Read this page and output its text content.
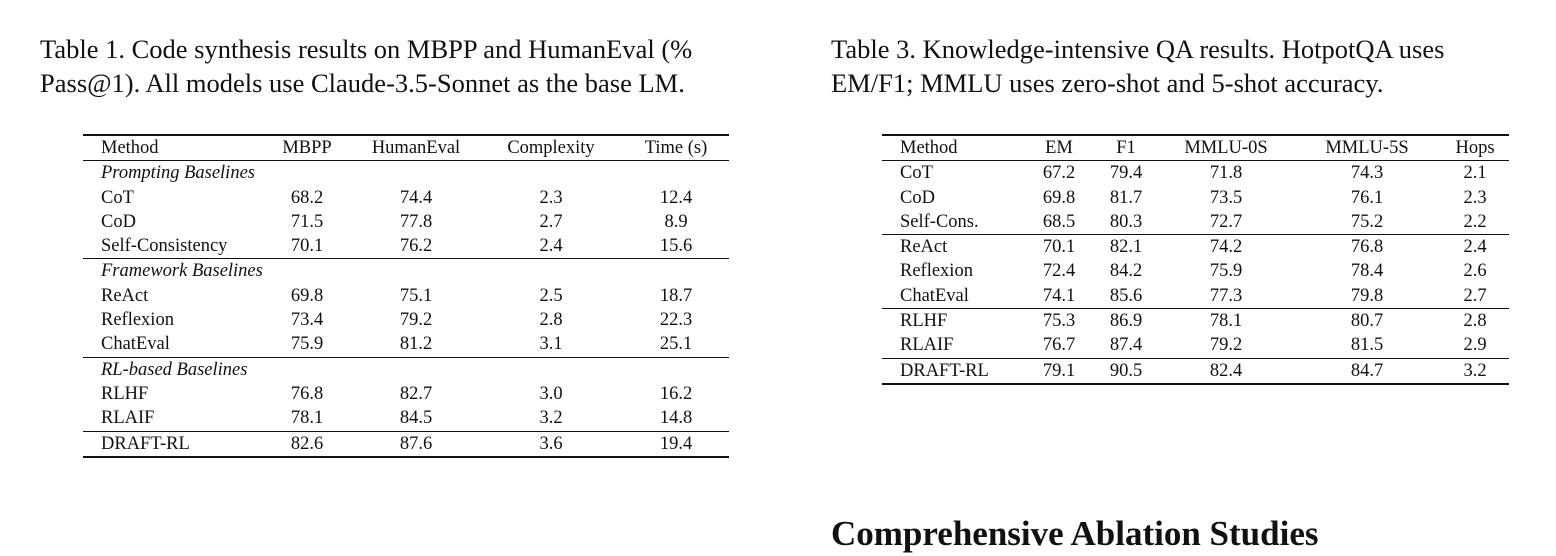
Table 1. Code synthesis results on MBPP and HumanEval (%
Pass@1). All models use Claude-3.5-Sonnet as the base LM.
Table 3. Knowledge-intensive QA results. HotpotQA uses
EM/F1; MMLU uses zero-shot and 5-shot accuracy.
Method	MBPP	HumanEval	Complexity	Time (s)
Prompting Baselines				
CoT	68.2	74.4	2.3	12.4
CoD	71.5	77.8	2.7	8.9
Self-Consistency	70.1	76.2	2.4	15.6
Framework Baselines				
ReAct	69.8	75.1	2.5	18.7
Reflexion	73.4	79.2	2.8	22.3
ChatEval	75.9	81.2	3.1	25.1
RL-based Baselines				
RLHF	76.8	82.7	3.0	16.2
RLAIF	78.1	84.5	3.2	14.8
DRAFT-RL	82.6	87.6	3.6	19.4
Method	EM	F1	MMLU-0S	MMLU-5S	Hops
CoT	67.2	79.4	71.8	74.3	2.1
CoD	69.8	81.7	73.5	76.1	2.3
Self-Cons.	68.5	80.3	72.7	75.2	2.2
ReAct	70.1	82.1	74.2	76.8	2.4
Reflexion	72.4	84.2	75.9	78.4	2.6
ChatEval	74.1	85.6	77.3	79.8	2.7
RLHF	75.3	86.9	78.1	80.7	2.8
RLAIF	76.7	87.4	79.2	81.5	2.9
DRAFT-RL	79.1	90.5	82.4	84.7	3.2
Comprehensive Ablation Studies
